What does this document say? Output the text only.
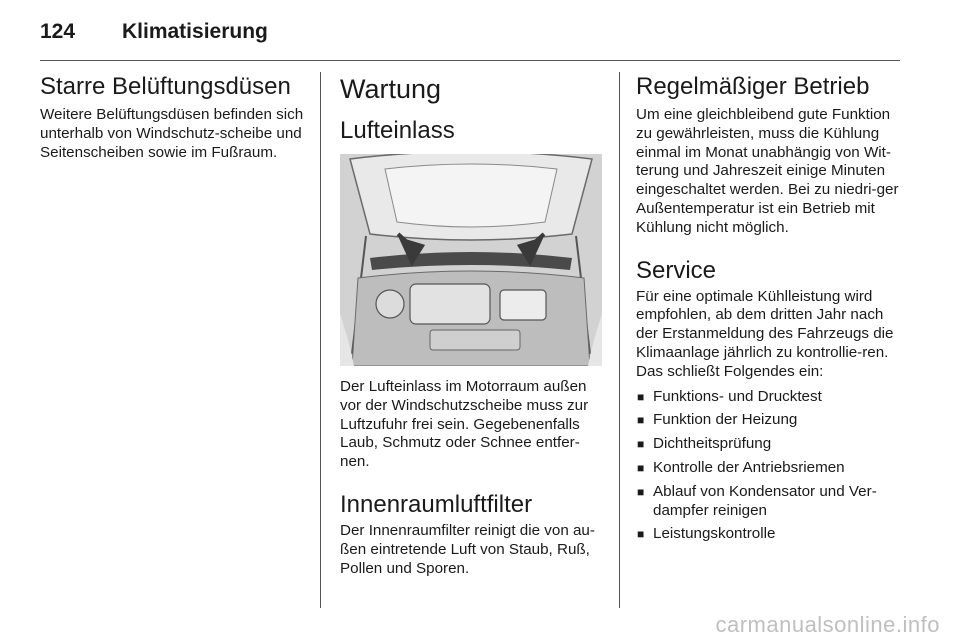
124 Klimatisierung
Starre Belüftungsdüsen

Weitere Belüftungsdüsen befinden sich unterhalb von Windschutz-scheibe und Seitenscheiben sowie im Fußraum.

Wartung
Lufteinlass

Der Lufteinlass im Motorraum außen vor der Windschutzscheibe muss zur Luftzufuhr frei sein. Gegebenenfalls Laub, Schmutz oder Schnee entfer-nen.

Innenraumluftfilter

Der Innenraumfilter reinigt die von au-ßen eintretende Luft von Staub, Ruß, Pollen und Sporen.

Regelmäßiger Betrieb

Um eine gleichbleibend gute Funktion zu gewährleisten, muss die Kühlung einmal im Monat unabhängig von Wit-terung und Jahreszeit einige Minuten eingeschaltet werden. Bei zu niedri-ger Außentemperatur ist ein Betrieb mit Kühlung nicht möglich.

Service

Für eine optimale Kühlleistung wird empfohlen, ab dem dritten Jahr nach der Erstanmeldung des Fahrzeugs die Klimaanlage jährlich zu kontrollie-ren. Das schließt Folgendes ein:

■ Funktions- und Drucktest
■ Funktion der Heizung
■ Dichtheitsprüfung
■ Kontrolle der Antriebsriemen
■ Ablauf von Kondensator und Ver-dampfer reinigen
■ Leistungskontrolle
carmanualsonline.info
